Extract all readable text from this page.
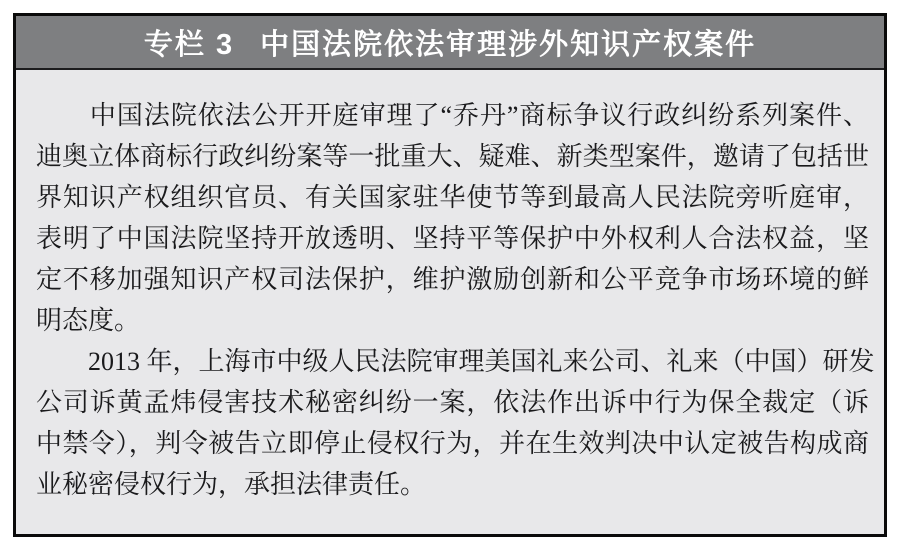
专栏 3 中国法院依法审理涉外知识产权案件
　　中国法院依法公开开庭审理了“乔丹”商标争议行政纠纷系列案件、
迪奥立体商标行政纠纷案等一批重大、疑难、新类型案件，邀请了包括世
界知识产权组织官员、有关国家驻华使节等到最高人民法院旁听庭审，
表明了中国法院坚持开放透明、坚持平等保护中外权利人合法权益，坚
定不移加强知识产权司法保护，维护激励创新和公平竞争市场环境的鲜
明态度。
　　2013 年，上海市中级人民法院审理美国礼来公司、礼来（中国）研发
公司诉黄孟炜侵害技术秘密纠纷一案，依法作出诉中行为保全裁定（诉
中禁令），判令被告立即停止侵权行为，并在生效判决中认定被告构成商
业秘密侵权行为，承担法律责任。
